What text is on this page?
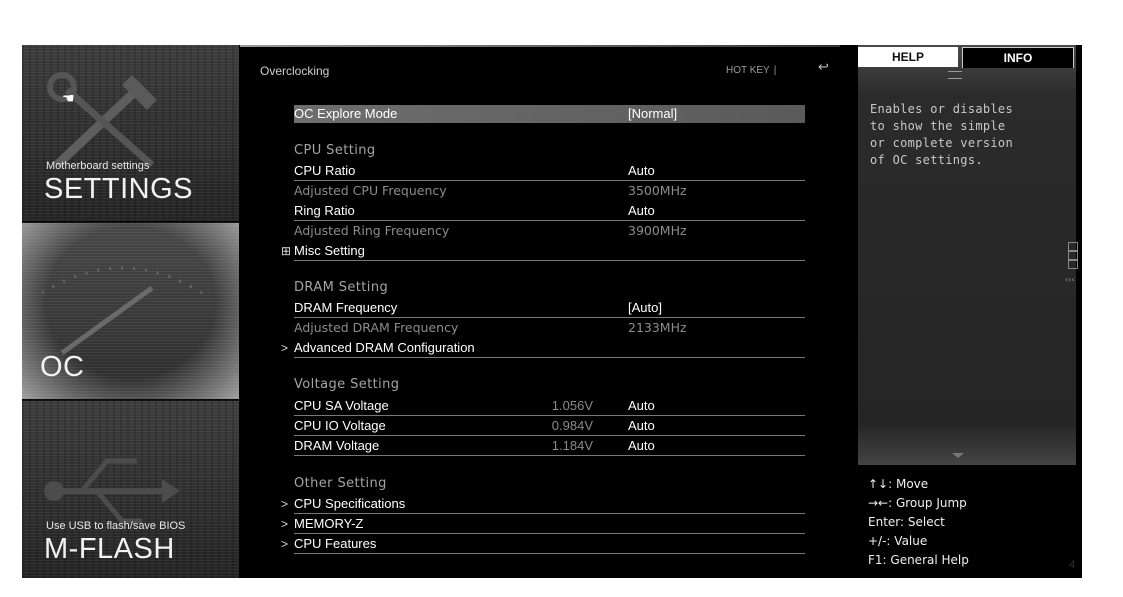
☚
Motherboard settings
SETTINGS
OC
Use USB to flash/save BIOS
M-FLASH
Overclocking	HOT KEY |	↩
OC Explore Mode	[Normal]
CPU Setting
CPU Ratio	Auto
Adjusted CPU Frequency	3500MHz
Ring Ratio	Auto
Adjusted Ring Frequency	3900MHz
⊞ Misc Setting
DRAM Setting
DRAM Frequency	[Auto]
Adjusted DRAM Frequency	2133MHz
> Advanced DRAM Configuration
Voltage Setting
CPU SA Voltage	1.056V	Auto
CPU IO Voltage	0.984V	Auto
DRAM Voltage	1.184V	Auto
Other Setting
> CPU Specifications
> MEMORY-Z
> CPU Features
HELP	INFO
Enables or disables
to show the simple
or complete version
of OC settings.
‹‹‹
↑↓: Move
→←: Group Jump
Enter: Select
+/-: Value
F1: General Help	4
